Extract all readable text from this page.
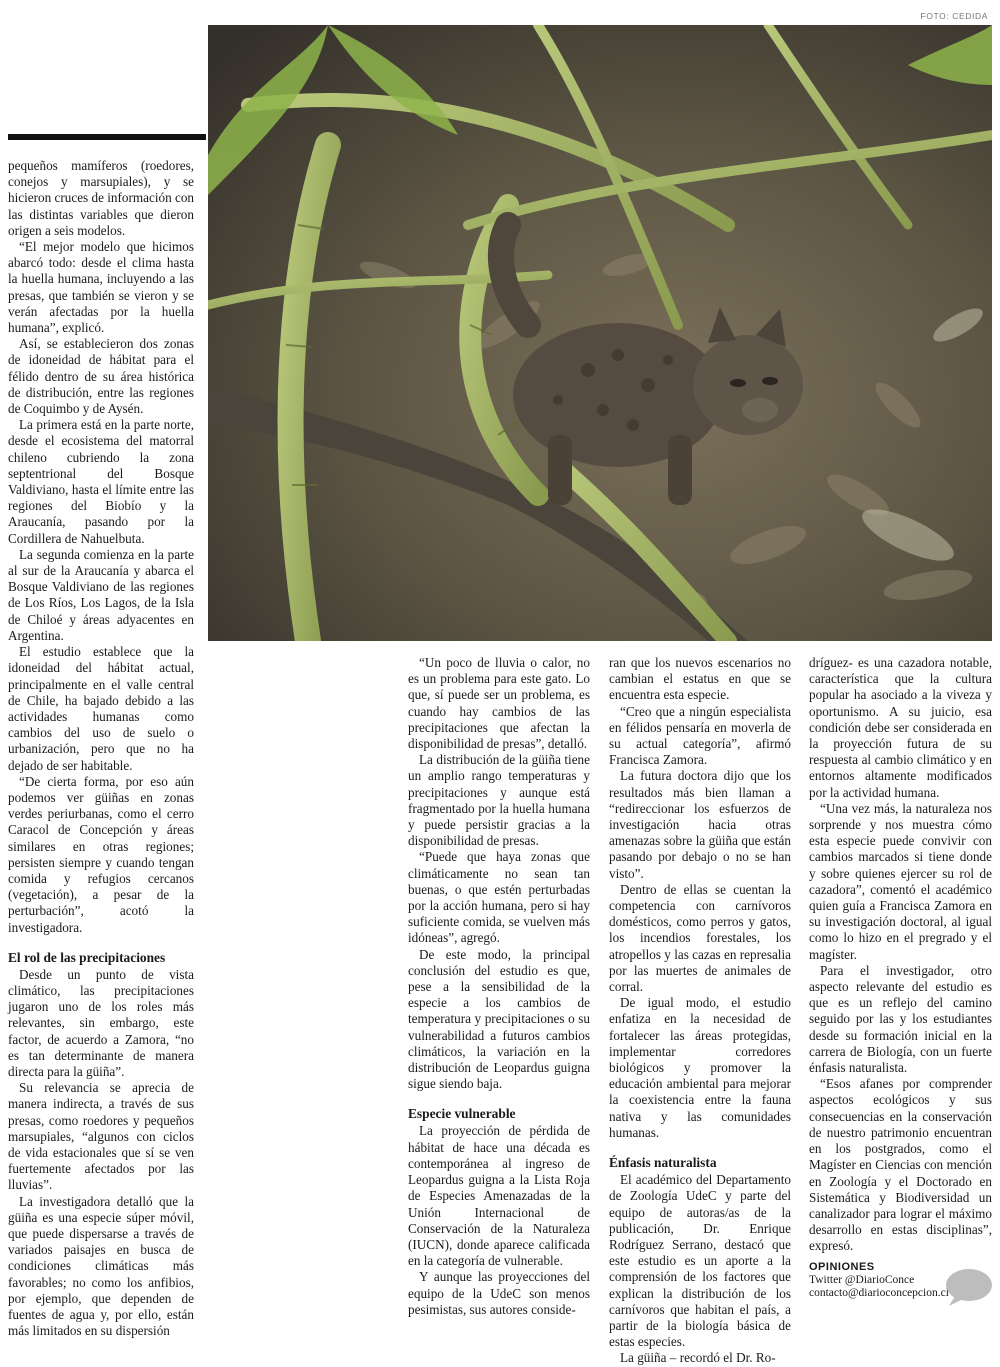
FOTO: CEDIDA

pequeños mamíferos (roedores, conejos y marsupiales), y se hicieron cruces de información con las distintas variables que dieron origen a seis modelos.

“El mejor modelo que hicimos abarcó todo: desde el clima hasta la huella humana, incluyendo a las presas, que también se vieron y se verán afectadas por la huella humana”, explicó.

Así, se establecieron dos zonas de idoneidad de hábitat para el félido dentro de su área histórica de distribución, entre las regiones de Coquimbo y de Aysén.

La primera está en la parte norte, desde el ecosistema del matorral chileno cubriendo la zona septentrional del Bosque Valdiviano, hasta el límite entre las regiones del Biobío y la Araucanía, pasando por la Cordillera de Nahuelbuta.

La segunda comienza en la parte al sur de la Araucanía y abarca el Bosque Valdiviano de las regiones de Los Ríos, Los Lagos, de la Isla de Chiloé y áreas adyacentes en Argentina.

El estudio establece que la idoneidad del hábitat actual, principalmente en el valle central de Chile, ha bajado debido a las actividades humanas como cambios del uso de suelo o urbanización, pero que no ha dejado de ser habitable.

“De cierta forma, por eso aún podemos ver güiñas en zonas verdes periurbanas, como el cerro Caracol de Concepción y áreas similares en otras regiones; persisten siempre y cuando tengan comida y refugios cercanos (vegetación), a pesar de la perturbación”, acotó la investigadora.

El rol de las precipitaciones

Desde un punto de vista climático, las precipitaciones jugaron uno de los roles más relevantes, sin embargo, este factor, de acuerdo a Zamora, “no es tan determinante de manera directa para la güiña”.

Su relevancia se aprecia de manera indirecta, a través de sus presas, como roedores y pequeños marsupiales, “algunos con ciclos de vida estacionales que sí se ven fuertemente afectados por las lluvias”.

La investigadora detalló que la güiña es una especie súper móvil, que puede dispersarse a través de variados paisajes en busca de condiciones climáticas más favorables; no como los anfibios, por ejemplo, que dependen de fuentes de agua y, por ello, están más limitados en su dispersión

“Un poco de lluvia o calor, no es un problema para este gato. Lo que, sí puede ser un problema, es cuando hay cambios de las precipitaciones que afectan la disponibilidad de presas”, detalló.

La distribución de la güiña tiene un amplio rango temperaturas y precipitaciones y aunque está fragmentado por la huella humana y puede persistir gracias a la disponibilidad de presas.

“Puede que haya zonas que climáticamente no sean tan buenas, o que estén perturbadas por la acción humana, pero si hay suficiente comida, se vuelven más idóneas”, agregó.

De este modo, la principal conclusión del estudio es que, pese a la sensibilidad de la especie a los cambios de temperatura y precipitaciones o su vulnerabilidad a futuros cambios climáticos, la variación en la distribución de Leopardus guigna sigue siendo baja.

Especie vulnerable

La proyección de pérdida de hábitat de hace una década es contemporánea al ingreso de Leopardus guigna a la Lista Roja de Especies Amenazadas de la Unión Internacional de Conservación de la Naturaleza (IUCN), donde aparece calificada en la categoría de vulnerable.

Y aunque las proyecciones del equipo de la UdeC son menos pesimistas, sus autores conside-

ran que los nuevos escenarios no cambian el estatus en que se encuentra esta especie.

“Creo que a ningún especialista en félidos pensaría en moverla de su actual categoría”, afirmó Francisca Zamora.

La futura doctora dijo que los resultados más bien llaman a “redireccionar los esfuerzos de investigación hacia otras amenazas sobre la güiña que están pasando por debajo o no se han visto”.

Dentro de ellas se cuentan la competencia con carnívoros domésticos, como perros y gatos, los incendios forestales, los atropellos y las cazas en represalia por las muertes de animales de corral.

De igual modo, el estudio enfatiza en la necesidad de fortalecer las áreas protegidas, implementar corredores biológicos y promover la educación ambiental para mejorar la coexistencia entre la fauna nativa y las comunidades humanas.

Énfasis naturalista

El académico del Departamento de Zoología UdeC y parte del equipo de autoras/as de la publicación, Dr. Enrique Rodríguez Serrano, destacó que este estudio es un aporte a la comprensión de los factores que explican la distribución de los carnívoros que habitan el país, a partir de la biología básica de estas especies.

La güiña – recordó el Dr. Ro-

dríguez- es una cazadora notable, característica que la cultura popular ha asociado a la viveza y oportunismo. A su juicio, esa condición debe ser considerada en la proyección futura de su respuesta al cambio climático y en entornos altamente modificados por la actividad humana.

“Una vez más, la naturaleza nos sorprende y nos muestra cómo esta especie puede convivir con cambios marcados si tiene donde y sobre quienes ejercer su rol de cazadora”, comentó el académico quien guía a Francisca Zamora en su investigación doctoral, al igual como lo hizo en el pregrado y el magíster.

Para el investigador, otro aspecto relevante del estudio es que es un reflejo del camino seguido por las y los estudiantes desde su formación inicial en la carrera de Biología, con un fuerte énfasis naturalista.

“Esos afanes por comprender aspectos ecológicos y sus consecuencias en la conservación de nuestro patrimonio encuentran en los postgrados, como el Magíster en Ciencias con mención en Zoología y el Doctorado en Sistemática y Biodiversidad un canalizador para lograr el máximo desarrollo en estas disciplinas”, expresó.

OPINIONES
Twitter @DiarioConce
contacto@diarioconcepcion.cl
